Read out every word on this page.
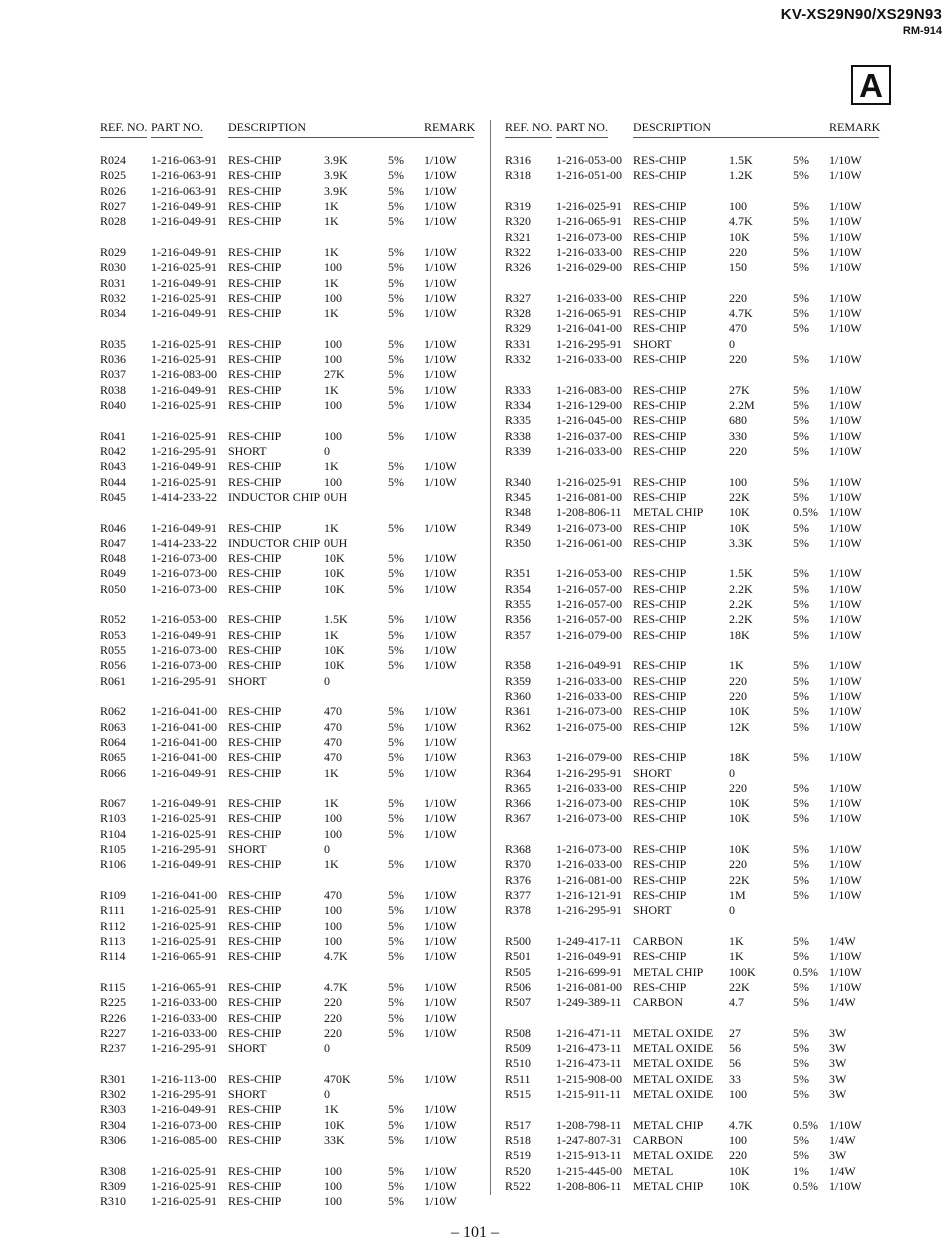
KV-XS29N90/XS29N93
RM-914
A
REF. NO. PART NO. DESCRIPTION	REMARK
R024 1-216-063-91 RES-CHIP	3.9K	5% 1/10W
R025 1-216-063-91 RES-CHIP	3.9K	5% 1/10W
R026 1-216-063-91 RES-CHIP	3.9K	5% 1/10W
R027 1-216-049-91 RES-CHIP	1K	5% 1/10W
R028 1-216-049-91 RES-CHIP	1K	5% 1/10W
R029 1-216-049-91 RES-CHIP	1K	5% 1/10W
R030 1-216-025-91 RES-CHIP	100	5% 1/10W
R031 1-216-049-91 RES-CHIP	1K	5% 1/10W
R032 1-216-025-91 RES-CHIP	100	5% 1/10W
R034 1-216-049-91 RES-CHIP	1K	5% 1/10W
R035 1-216-025-91 RES-CHIP	100	5% 1/10W
R036 1-216-025-91 RES-CHIP	100	5% 1/10W
R037 1-216-083-00 RES-CHIP	27K	5% 1/10W
R038 1-216-049-91 RES-CHIP	1K	5% 1/10W
R040 1-216-025-91 RES-CHIP	100	5% 1/10W
R041 1-216-025-91 RES-CHIP	100	5% 1/10W
R042 1-216-295-91 SHORT	0
R043 1-216-049-91 RES-CHIP	1K	5% 1/10W
R044 1-216-025-91 RES-CHIP	100	5% 1/10W
R045 1-414-233-22 INDUCTOR CHIP 0UH
R046 1-216-049-91 RES-CHIP	1K	5% 1/10W
R047 1-414-233-22 INDUCTOR CHIP 0UH
R048 1-216-073-00 RES-CHIP	10K	5% 1/10W
R049 1-216-073-00 RES-CHIP	10K	5% 1/10W
R050 1-216-073-00 RES-CHIP	10K	5% 1/10W
R052 1-216-053-00 RES-CHIP	1.5K	5% 1/10W
R053 1-216-049-91 RES-CHIP	1K	5% 1/10W
R055 1-216-073-00 RES-CHIP	10K	5% 1/10W
R056 1-216-073-00 RES-CHIP	10K	5% 1/10W
R061 1-216-295-91 SHORT	0
R062 1-216-041-00 RES-CHIP	470	5% 1/10W
R063 1-216-041-00 RES-CHIP	470	5% 1/10W
R064 1-216-041-00 RES-CHIP	470	5% 1/10W
R065 1-216-041-00 RES-CHIP	470	5% 1/10W
R066 1-216-049-91 RES-CHIP	1K	5% 1/10W
R067 1-216-049-91 RES-CHIP	1K	5% 1/10W
R103 1-216-025-91 RES-CHIP	100	5% 1/10W
R104 1-216-025-91 RES-CHIP	100	5% 1/10W
R105 1-216-295-91 SHORT	0
R106 1-216-049-91 RES-CHIP	1K	5% 1/10W
R109 1-216-041-00 RES-CHIP	470	5% 1/10W
R111 1-216-025-91 RES-CHIP	100	5% 1/10W
R112 1-216-025-91 RES-CHIP	100	5% 1/10W
R113 1-216-025-91 RES-CHIP	100	5% 1/10W
R114 1-216-065-91 RES-CHIP	4.7K	5% 1/10W
R115 1-216-065-91 RES-CHIP	4.7K	5% 1/10W
R225 1-216-033-00 RES-CHIP	220	5% 1/10W
R226 1-216-033-00 RES-CHIP	220	5% 1/10W
R227 1-216-033-00 RES-CHIP	220	5% 1/10W
R237 1-216-295-91 SHORT	0
R301 1-216-113-00 RES-CHIP	470K	5% 1/10W
R302 1-216-295-91 SHORT	0
R303 1-216-049-91 RES-CHIP	1K	5% 1/10W
R304 1-216-073-00 RES-CHIP	10K	5% 1/10W
R306 1-216-085-00 RES-CHIP	33K	5% 1/10W
R308 1-216-025-91 RES-CHIP	100	5% 1/10W
R309 1-216-025-91 RES-CHIP	100	5% 1/10W
R310 1-216-025-91 RES-CHIP	100	5% 1/10W
REF. NO. PART NO. DESCRIPTION	REMARK
R316 1-216-053-00 RES-CHIP	1.5K	5% 1/10W
R318 1-216-051-00 RES-CHIP	1.2K	5% 1/10W
R319 1-216-025-91 RES-CHIP	100	5% 1/10W
R320 1-216-065-91 RES-CHIP	4.7K	5% 1/10W
R321 1-216-073-00 RES-CHIP	10K	5% 1/10W
R322 1-216-033-00 RES-CHIP	220	5% 1/10W
R326 1-216-029-00 RES-CHIP	150	5% 1/10W
R327 1-216-033-00 RES-CHIP	220	5% 1/10W
R328 1-216-065-91 RES-CHIP	4.7K	5% 1/10W
R329 1-216-041-00 RES-CHIP	470	5% 1/10W
R331 1-216-295-91 SHORT	0
R332 1-216-033-00 RES-CHIP	220	5% 1/10W
R333 1-216-083-00 RES-CHIP	27K	5% 1/10W
R334 1-216-129-00 RES-CHIP	2.2M	5% 1/10W
R335 1-216-045-00 RES-CHIP	680	5% 1/10W
R338 1-216-037-00 RES-CHIP	330	5% 1/10W
R339 1-216-033-00 RES-CHIP	220	5% 1/10W
R340 1-216-025-91 RES-CHIP	100	5% 1/10W
R345 1-216-081-00 RES-CHIP	22K	5% 1/10W
R348 1-208-806-11 METAL CHIP 10K	0.5% 1/10W
R349 1-216-073-00 RES-CHIP	10K	5% 1/10W
R350 1-216-061-00 RES-CHIP	3.3K	5% 1/10W
R351 1-216-053-00 RES-CHIP	1.5K	5% 1/10W
R354 1-216-057-00 RES-CHIP	2.2K	5% 1/10W
R355 1-216-057-00 RES-CHIP	2.2K	5% 1/10W
R356 1-216-057-00 RES-CHIP	2.2K	5% 1/10W
R357 1-216-079-00 RES-CHIP	18K	5% 1/10W
R358 1-216-049-91 RES-CHIP	1K	5% 1/10W
R359 1-216-033-00 RES-CHIP	220	5% 1/10W
R360 1-216-033-00 RES-CHIP	220	5% 1/10W
R361 1-216-073-00 RES-CHIP	10K	5% 1/10W
R362 1-216-075-00 RES-CHIP	12K	5% 1/10W
R363 1-216-079-00 RES-CHIP	18K	5% 1/10W
R364 1-216-295-91 SHORT	0
R365 1-216-033-00 RES-CHIP	220	5% 1/10W
R366 1-216-073-00 RES-CHIP	10K	5% 1/10W
R367 1-216-073-00 RES-CHIP	10K	5% 1/10W
R368 1-216-073-00 RES-CHIP	10K	5% 1/10W
R370 1-216-033-00 RES-CHIP	220	5% 1/10W
R376 1-216-081-00 RES-CHIP	22K	5% 1/10W
R377 1-216-121-91 RES-CHIP	1M	5% 1/10W
R378 1-216-295-91 SHORT	0
R500 1-249-417-11 CARBON	1K	5% 1/4W
R501 1-216-049-91 RES-CHIP	1K	5% 1/10W
R505 1-216-699-91 METAL CHIP 100K	0.5% 1/10W
R506 1-216-081-00 RES-CHIP	22K	5% 1/10W
R507 1-249-389-11 CARBON	4.7	5% 1/4W
R508 1-216-471-11 METAL OXIDE 27	5% 3W
R509 1-216-473-11 METAL OXIDE 56	5% 3W
R510 1-216-473-11 METAL OXIDE 56	5% 3W
R511 1-215-908-00 METAL OXIDE 33	5% 3W
R515 1-215-911-11 METAL OXIDE 100	5% 3W
R517 1-208-798-11 METAL CHIP 4.7K	0.5% 1/10W
R518 1-247-807-31 CARBON	100	5% 1/4W
R519 1-215-913-11 METAL OXIDE 220	5% 3W
R520 1-215-445-00 METAL	10K	1% 1/4W
R522 1-208-806-11 METAL CHIP 10K	0.5% 1/10W
– 101 –
